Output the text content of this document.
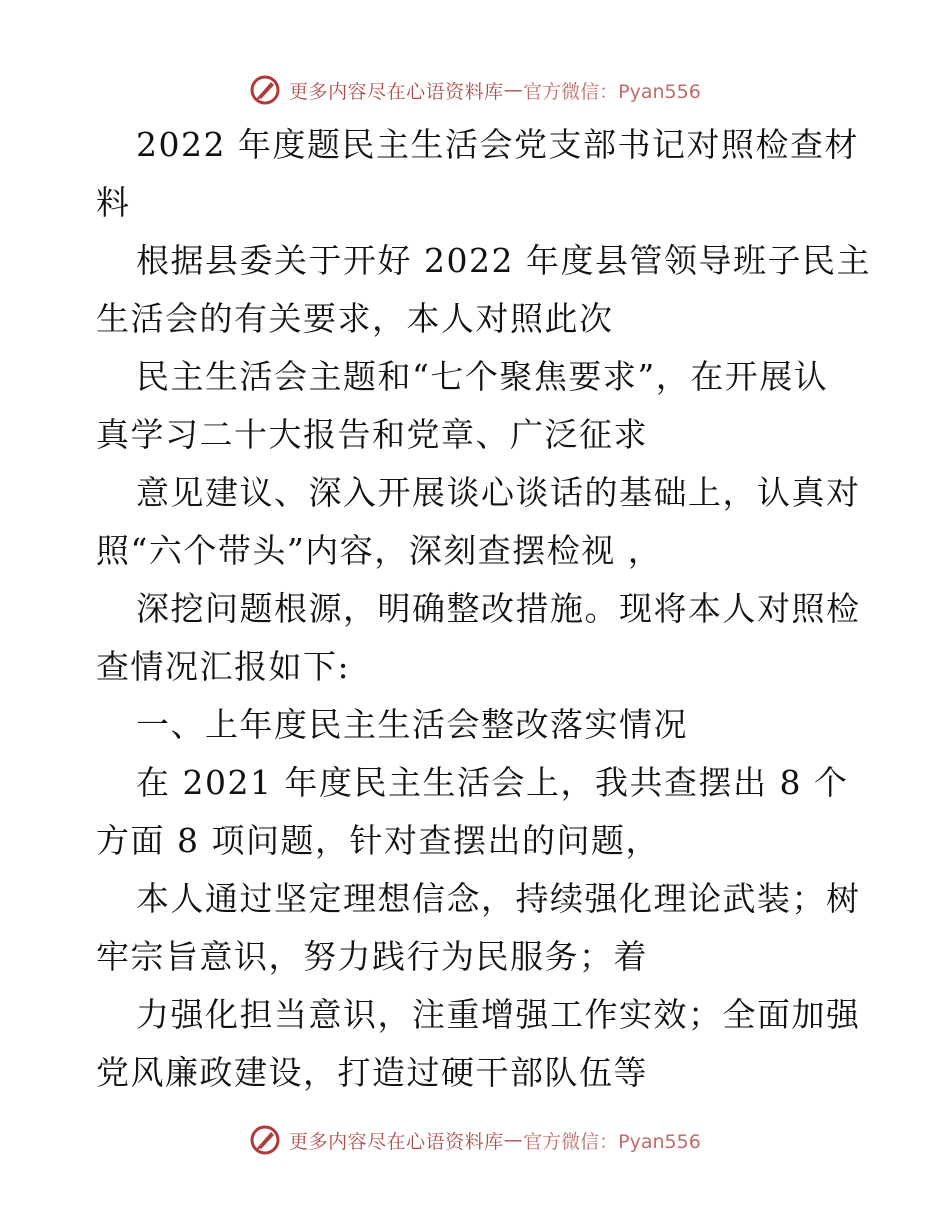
更多内容尽在心语资料库 — 官方微信：Pyan556
2022 年度题民主生活会党支部书记对照检查材
料
根据县委关于开好 2022 年度县管领导班子民主
生活会的有关要求，本人对照此次
民主生活会主题和“七个聚焦要求”，在开展认
真学习二十大报告和党章、广泛征求
意见建议、深入开展谈心谈话的基础上，认真对
照“六个带头”内容，深刻查摆检视 ，
深挖问题根源，明确整改措施。现将本人对照检
查情况汇报如下:
一、上年度民主生活会整改落实情况
在 2021 年度民主生活会上，我共查摆出 8 个
方面 8 项问题，针对查摆出的问题，
本人通过坚定理想信念，持续强化理论武装；树
牢宗旨意识，努力践行为民服务；着
力强化担当意识，注重增强工作实效；全面加强
党风廉政建设，打造过硬干部队伍等
更多内容尽在心语资料库 — 官方微信：Pyan556
